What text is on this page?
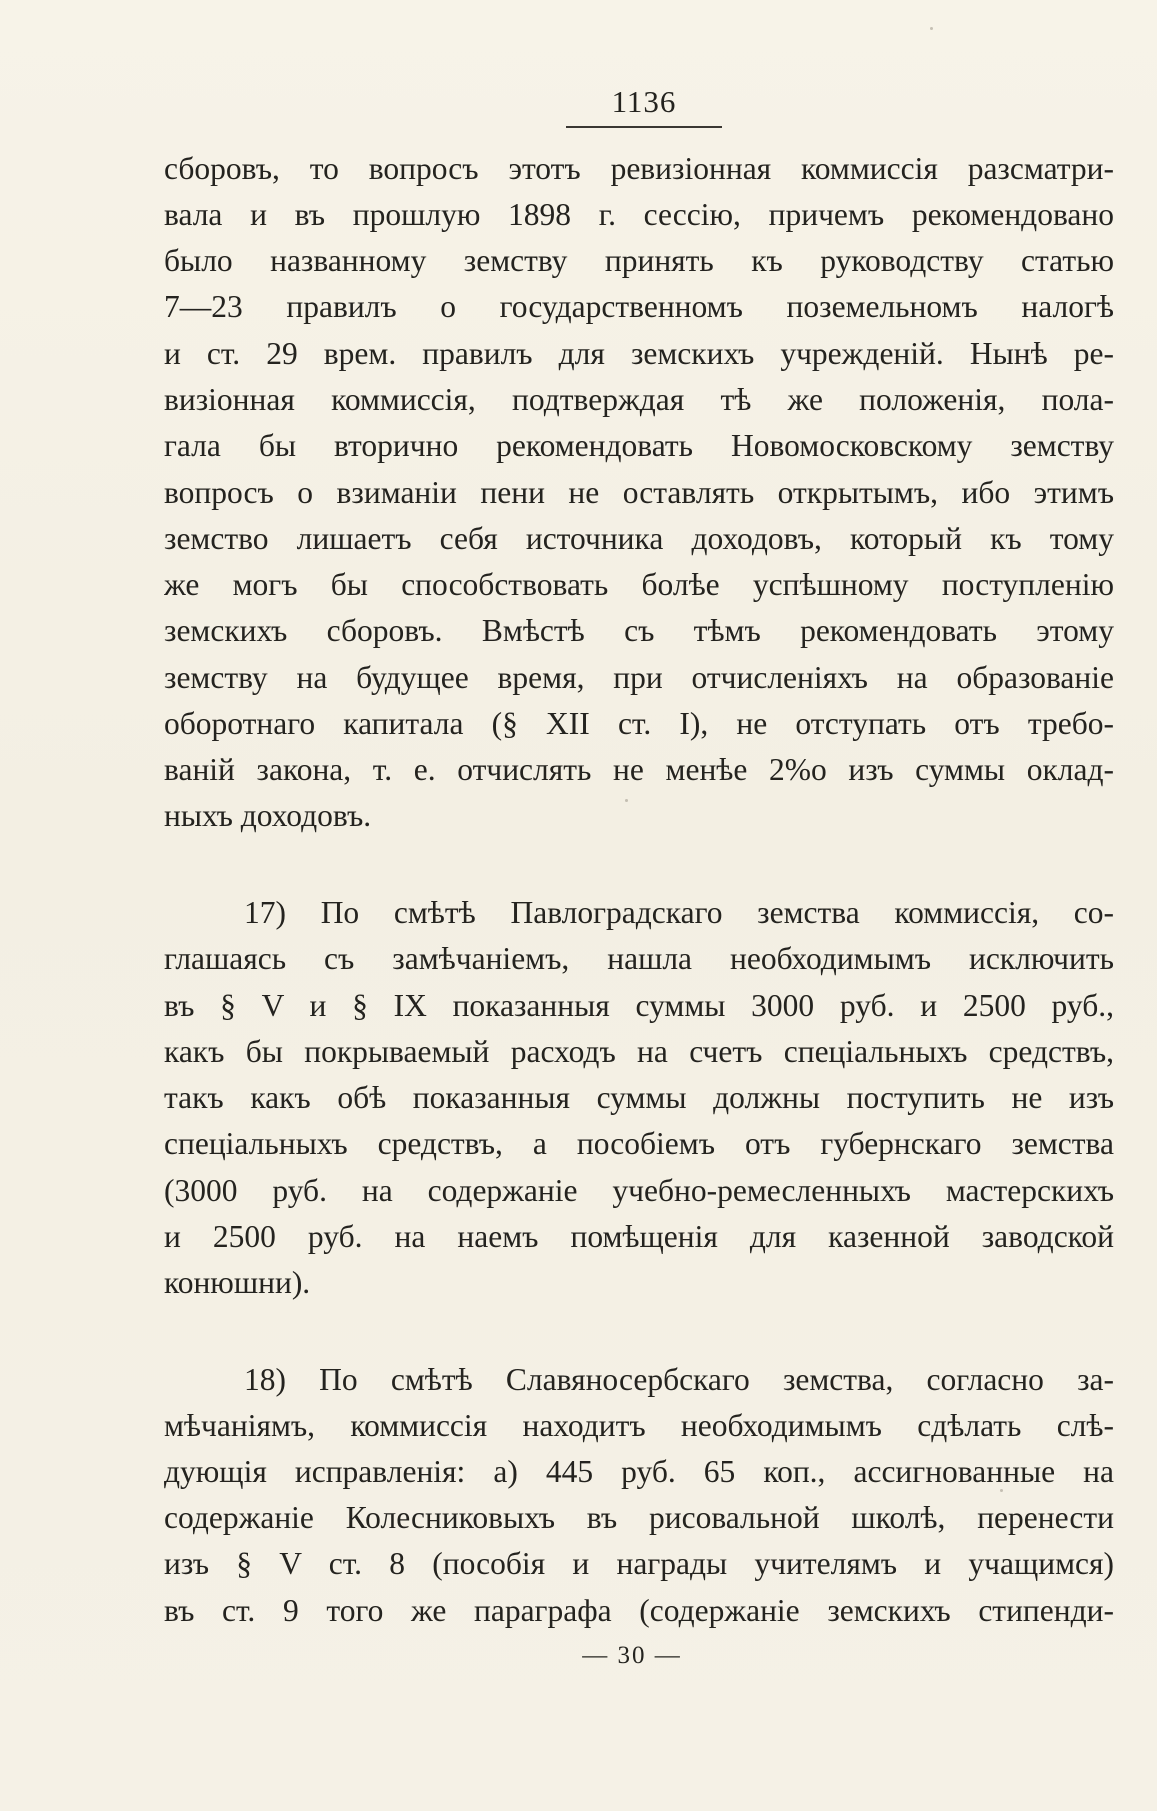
1136
сборовъ, то вопросъ этотъ ревизiонная коммиссiя разсматри-
вала и въ прошлую 1898 г. сессiю, причемъ рекомендовано
было названному земству принять къ руководству статью
7—23 правилъ о государственномъ поземельномъ налогѣ
и ст. 29 врем. правилъ для земскихъ учрежденiй. Нынѣ ре-
визiонная коммиссiя, подтверждая тѣ же положенiя, пола-
гала бы вторично рекомендовать Новомосковскому земству
вопросъ о взиманiи пени не оставлять открытымъ, ибо этимъ
земство лишаетъ себя источника доходовъ, который къ тому
же могъ бы способствовать болѣе успѣшному поступленiю
земскихъ сборовъ. Вмѣстѣ съ тѣмъ рекомендовать этому
земству на будущее время, при отчисленiяхъ на образованiе
оборотнаго капитала (§ XII ст. I), не отступать отъ требо-
ванiй закона, т. е. отчислять не менѣе 2%о изъ суммы оклад-
ныхъ доходовъ.
17) По смѣтѣ Павлоградскаго земства коммиссiя, со-
глашаясь съ замѣчанiемъ, нашла необходимымъ исключить
въ § V и § IX показанныя суммы 3000 руб. и 2500 руб.,
какъ бы покрываемый расходъ на счетъ спецiальныхъ средствъ,
такъ какъ обѣ показанныя суммы должны поступить не изъ
спецiальныхъ средствъ, а пособiемъ отъ губернскаго земства
(3000 руб. на содержанiе учебно-ремесленныхъ мастерскихъ
и 2500 руб. на наемъ помѣщенiя для казенной заводской
конюшни).
18) По смѣтѣ Славяносербскаго земства, согласно за-
мѣчанiямъ, коммиссiя находитъ необходимымъ сдѣлать слѣ-
дующiя исправленiя: а) 445 руб. 65 коп., ассигнованные на
содержанiе Колесниковыхъ въ рисовальной школѣ, перенести
изъ § V ст. 8 (пособiя и награды учителямъ и учащимся)
въ ст. 9 того же параграфа (содержанiе земскихъ стипенди-
— 30 —
